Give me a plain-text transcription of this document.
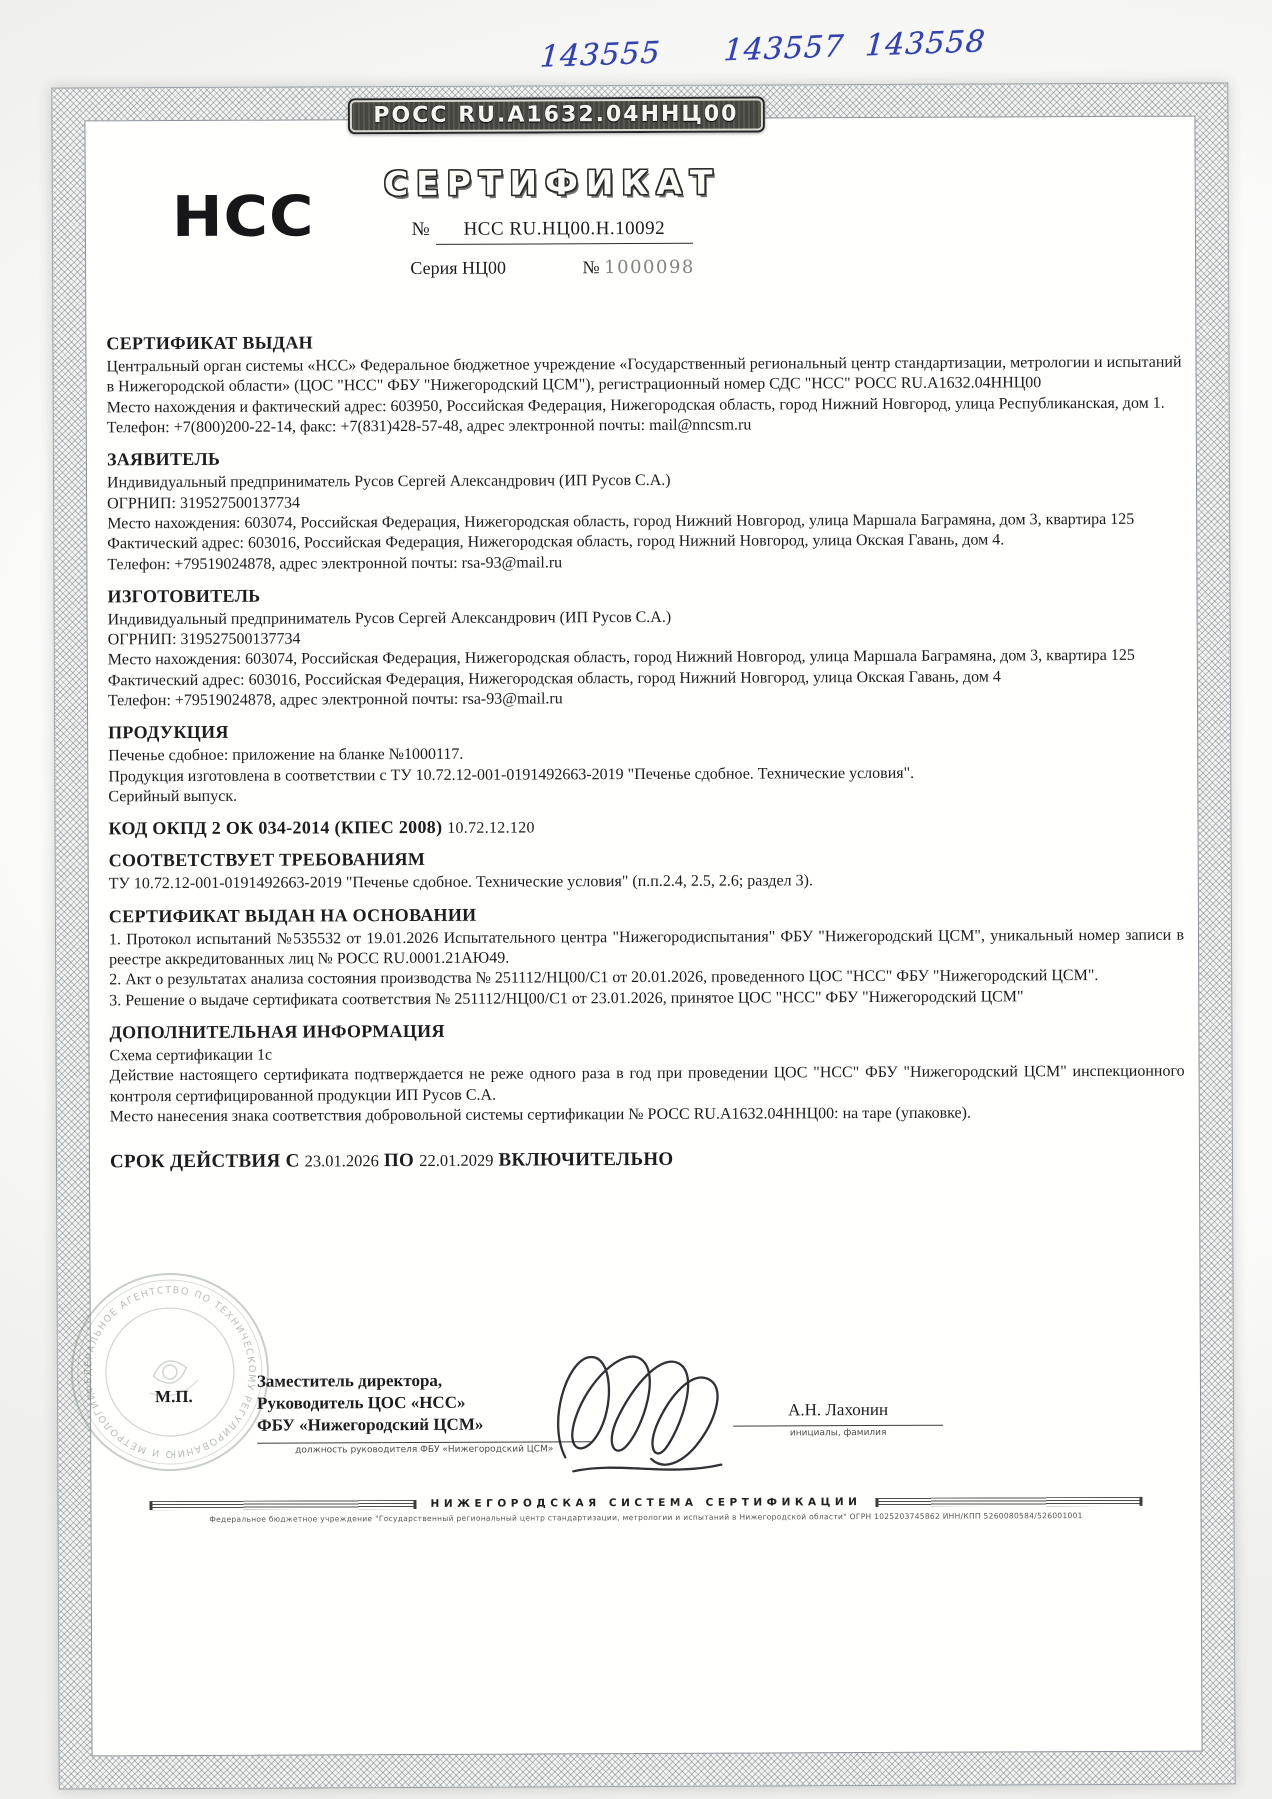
143555      143557  143558
РОСС RU.А1632.04ННЦ00
НСС
СЕРТИФИКАТ
№ НСС RU.НЦ00.Н.10092
Серия НЦ00	№ 1000098
СЕРТИФИКАТ ВЫДАН

Центральный орган системы «НСС» Федеральное бюджетное учреждение «Государственный региональный центр стандартизации, метрологии и испытаний в Нижегородской области» (ЦОС "НСС" ФБУ "Нижегородский ЦСМ"), регистрационный номер СДС "НСС" РОСС RU.А1632.04ННЦ00

Место нахождения и фактический адрес: 603950, Российская Федерация, Нижегородская область, город Нижний Новгород, улица Республиканская, дом 1.

Телефон: +7(800)200-22-14, факс: +7(831)428-57-48, адрес электронной почты: mail@nncsm.ru

ЗАЯВИТЕЛЬ

Индивидуальный предприниматель Русов Сергей Александрович (ИП Русов С.А.)

ОГРНИП: 319527500137734

Место нахождения: 603074, Российская Федерация, Нижегородская область, город Нижний Новгород, улица Маршала Баграмяна, дом 3, квартира 125

Фактический адрес: 603016, Российская Федерация, Нижегородская область, город Нижний Новгород, улица Окская Гавань, дом 4.

Телефон: +79519024878, адрес электронной почты: rsa-93@mail.ru

ИЗГОТОВИТЕЛЬ

Индивидуальный предприниматель Русов Сергей Александрович (ИП Русов С.А.)

ОГРНИП: 319527500137734

Место нахождения: 603074, Российская Федерация, Нижегородская область, город Нижний Новгород, улица Маршала Баграмяна, дом 3, квартира 125

Фактический адрес: 603016, Российская Федерация, Нижегородская область, город Нижний Новгород, улица Окская Гавань, дом 4

Телефон: +79519024878, адрес электронной почты: rsa-93@mail.ru

ПРОДУКЦИЯ

Печенье сдобное: приложение на бланке №1000117.

Продукция изготовлена в соответствии с ТУ 10.72.12-001-0191492663-2019 "Печенье сдобное. Технические условия".

Серийный выпуск.

КОД ОКПД 2 ОК 034-2014 (КПЕС 2008) 10.72.12.120
СООТВЕТСТВУЕТ ТРЕБОВАНИЯМ

ТУ 10.72.12-001-0191492663-2019 "Печенье сдобное. Технические условия" (п.п.2.4, 2.5, 2.6; раздел 3).

СЕРТИФИКАТ ВЫДАН НА ОСНОВАНИИ

1. Протокол испытаний №535532 от 19.01.2026 Испытательного центра "Нижегородиспытания" ФБУ "Нижегородский ЦСМ", уникальный номер записи в реестре аккредитованных лиц № РОСС RU.0001.21АЮ49.

2. Акт о результатах анализа состояния производства № 251112/НЦ00/С1 от 20.01.2026, проведенного ЦОС "НСС" ФБУ "Нижегородский ЦСМ".

3. Решение о выдаче сертификата соответствия № 251112/НЦ00/С1 от 23.01.2026, принятое ЦОС "НСС" ФБУ "Нижегородский ЦСМ"

ДОПОЛНИТЕЛЬНАЯ ИНФОРМАЦИЯ

Схема сертификации 1с

Действие настоящего сертификата подтверждается не реже одного раза в год при проведении ЦОС "НСС" ФБУ "Нижегородский ЦСМ" инспекционного контроля сертифицированной продукции ИП Русов С.А.

Место нанесения знака соответствия добровольной системы сертификации № РОСС RU.А1632.04ННЦ00: на таре (упаковке).

СРОК ДЕЙСТВИЯ С 23.01.2026 ПО 22.01.2029 ВКЛЮЧИТЕЛЬНО
ФЕДЕРАЛЬНОЕ АГЕНТСТВО ПО ТЕХНИЧЕСКОМУ РЕГУЛИРОВАНИЮ И МЕТРОЛОГИИ	М.П.
Заместитель директора,
Руководитель ЦОС «НСС»
ФБУ «Нижегородский ЦСМ»
должность руководителя ФБУ «Нижегородский ЦСМ»
А.Н. Лахонин
инициалы, фамилия
НИЖЕГОРОДСКАЯ СИСТЕМА СЕРТИФИКАЦИИ
Федеральное бюджетное учреждение "Государственный региональный центр стандартизации, метрологии и испытаний в Нижегородской области" ОГРН 1025203745862 ИНН/КПП 5260080584/526001001
